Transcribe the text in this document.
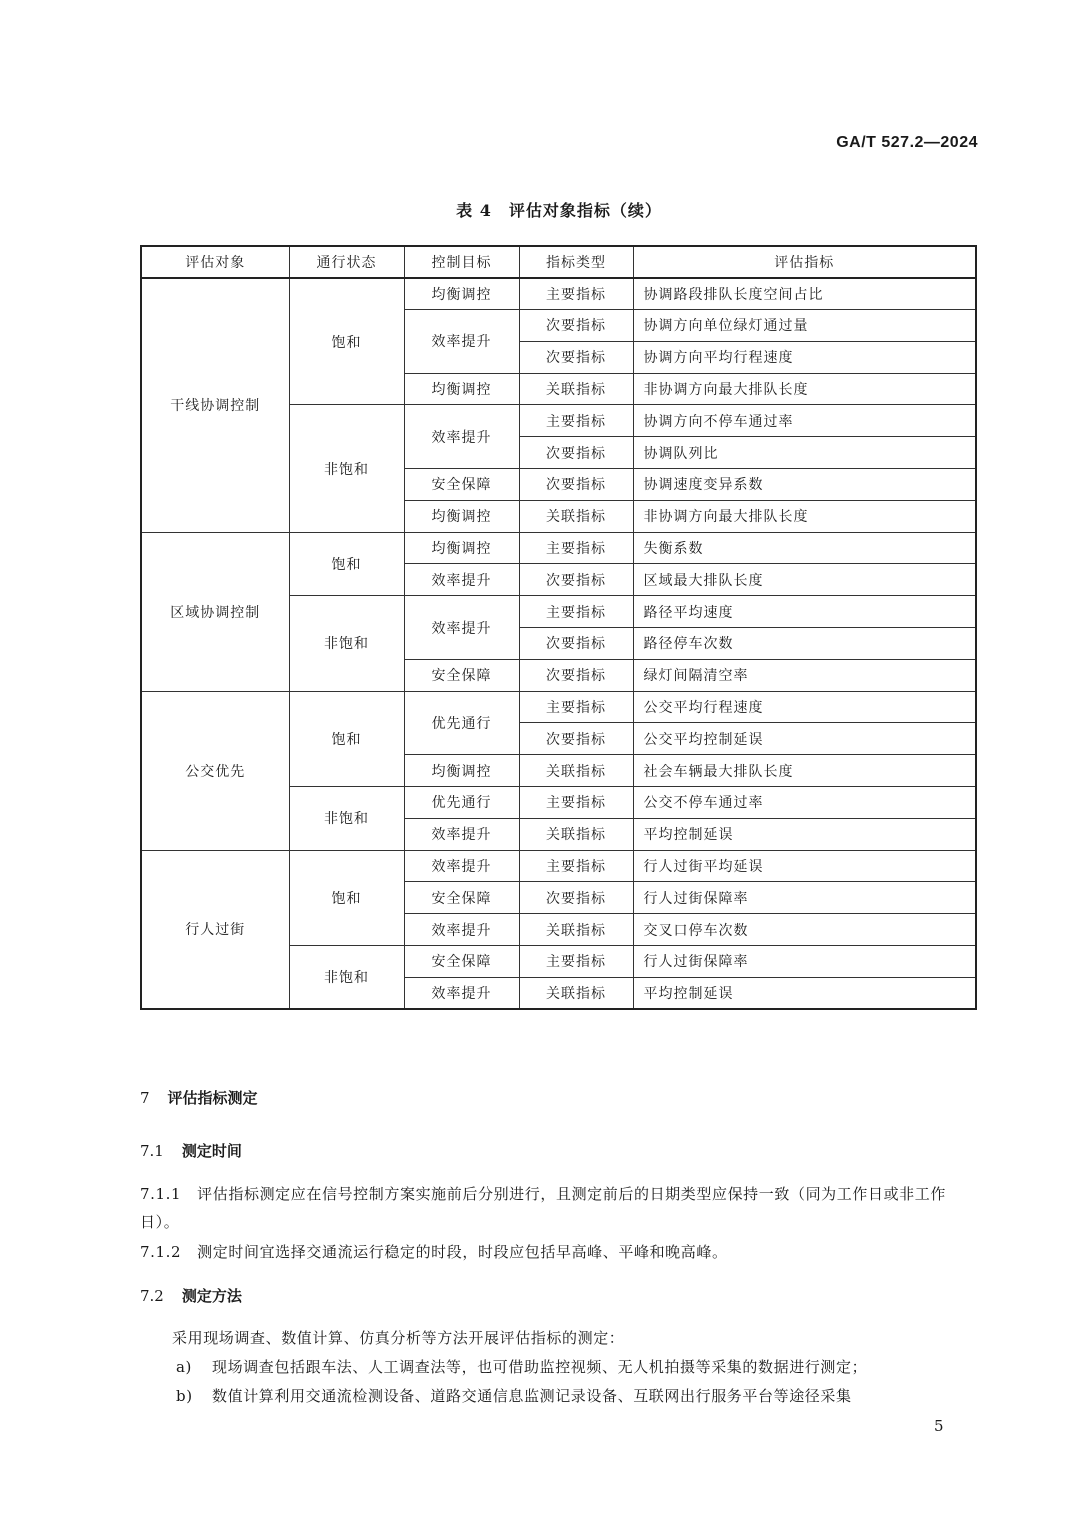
GA/T 527.2—2024
表 4　评估对象指标（续）
评估对象	通行状态	控制目标	指标类型	评估指标
干线协调控制	饱和	均衡调控	主要指标	协调路段排队长度空间占比
		效率提升	次要指标	协调方向单位绿灯通过量
			次要指标	协调方向平均行程速度
		均衡调控	关联指标	非协调方向最大排队长度
	非饱和	效率提升	主要指标	协调方向不停车通过率
			次要指标	协调队列比
		安全保障	次要指标	协调速度变异系数
		均衡调控	关联指标	非协调方向最大排队长度
区域协调控制	饱和	均衡调控	主要指标	失衡系数
		效率提升	次要指标	区域最大排队长度
	非饱和	效率提升	主要指标	路径平均速度
			次要指标	路径停车次数
		安全保障	次要指标	绿灯间隔清空率
公交优先	饱和	优先通行	主要指标	公交平均行程速度
			次要指标	公交平均控制延误
		均衡调控	关联指标	社会车辆最大排队长度
	非饱和	优先通行	主要指标	公交不停车通过率
		效率提升	关联指标	平均控制延误
行人过街	饱和	效率提升	主要指标	行人过街平均延误
		安全保障	次要指标	行人过街保障率
		效率提升	关联指标	交叉口停车次数
	非饱和	安全保障	主要指标	行人过街保障率
		效率提升	关联指标	平均控制延误
7 评估指标测定
7.1 测定时间
7.1.1 评估指标测定应在信号控制方案实施前后分别进行，且测定前后的日期类型应保持一致（同为工作日或非工作日）。
7.1.2 测定时间宜选择交通流运行稳定的时段，时段应包括早高峰、平峰和晚高峰。
7.2 测定方法
采用现场调查、数值计算、仿真分析等方法开展评估指标的测定：
a) 现场调查包括跟车法、人工调查法等，也可借助监控视频、无人机拍摄等采集的数据进行测定；
b) 数值计算利用交通流检测设备、道路交通信息监测记录设备、互联网出行服务平台等途径采集
5
